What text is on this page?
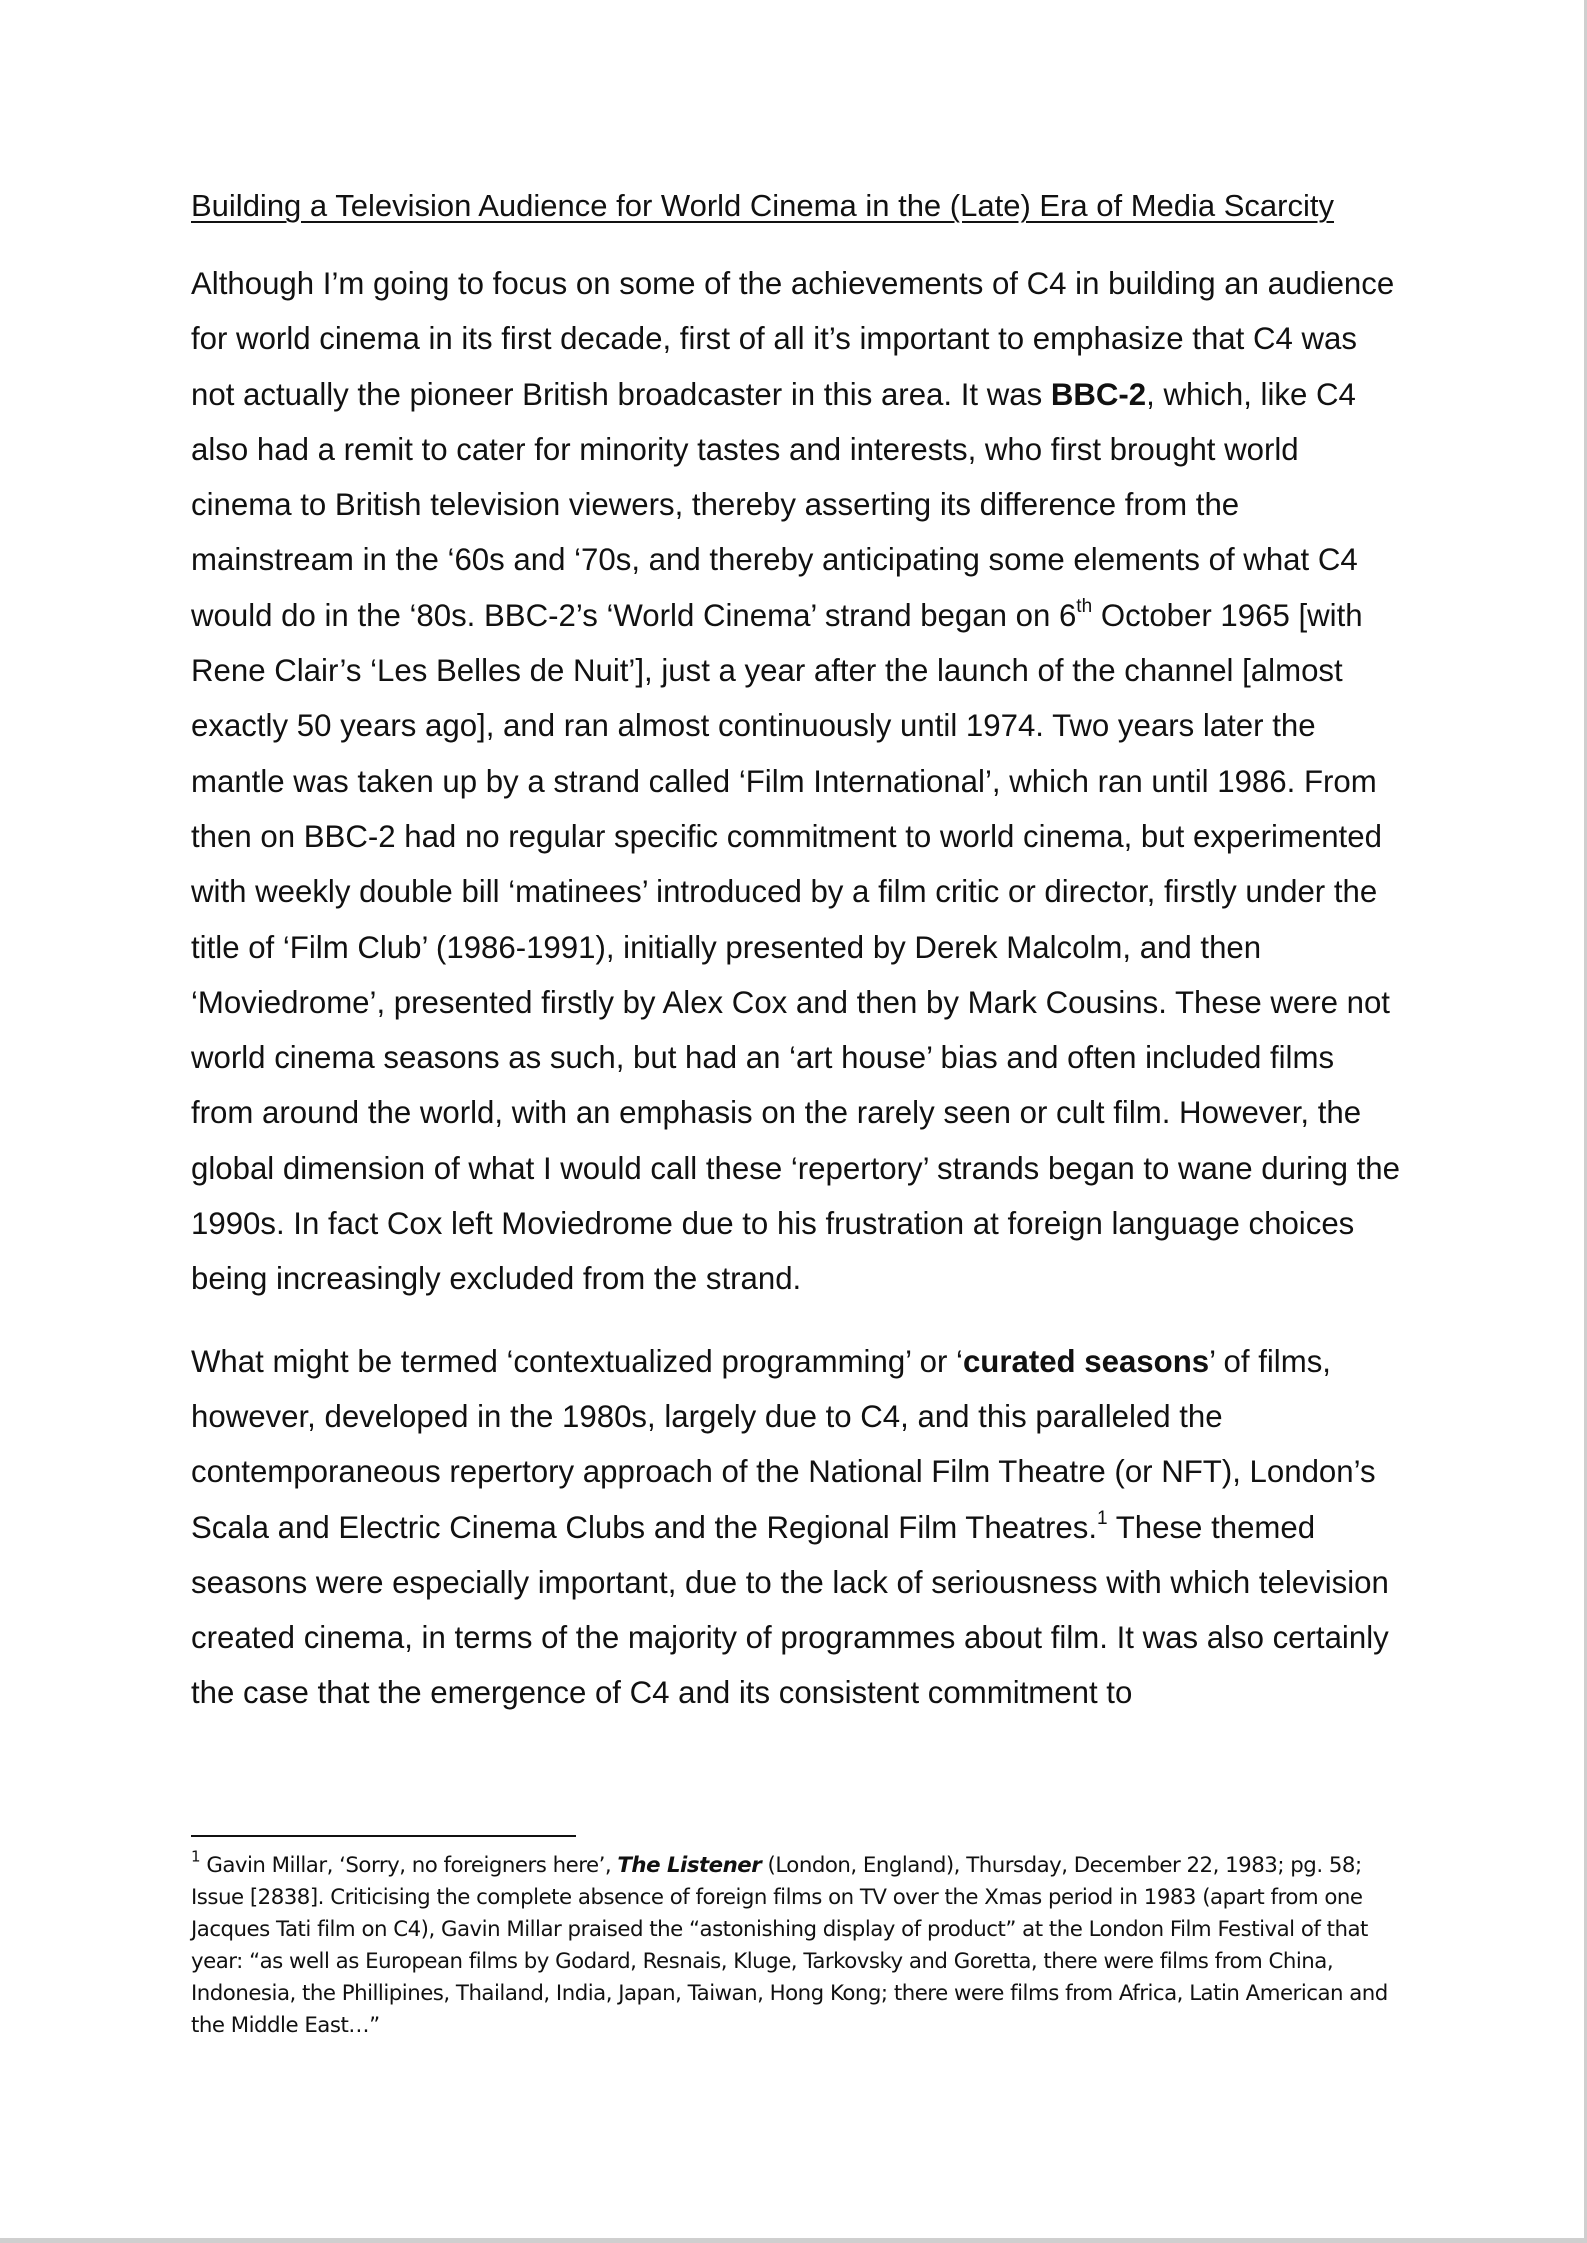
Building a Television Audience for World Cinema in the (Late) Era of Media Scarcity

Although I’m going to focus on some of the achievements of C4 in building an audience for world cinema in its first decade, first of all it’s important to emphasize that C4 was not actually the pioneer British broadcaster in this area. It was BBC-2, which, like C4 also had a remit to cater for minority tastes and interests, who first brought world cinema to British television viewers, thereby asserting its difference from the mainstream in the ‘60s and ‘70s, and thereby anticipating some elements of what C4 would do in the ‘80s. BBC-2’s ‘World Cinema’ strand began on 6th October 1965 [with Rene Clair’s ‘Les Belles de Nuit’], just a year after the launch of the channel [almost exactly 50 years ago], and ran almost continuously until 1974. Two years later the mantle was taken up by a strand called ‘Film International’, which ran until 1986. From then on BBC-2 had no regular specific commitment to world cinema, but experimented with weekly double bill ‘matinees’ introduced by a film critic or director, firstly under the title of ‘Film Club’ (1986-1991), initially presented by Derek Malcolm, and then ‘Moviedrome’, presented firstly by Alex Cox and then by Mark Cousins. These were not world cinema seasons as such, but had an ‘art house’ bias and often included films from around the world, with an emphasis on the rarely seen or cult film. However, the global dimension of what I would call these ‘repertory’ strands began to wane during the 1990s. In fact Cox left Moviedrome due to his frustration at foreign language choices being increasingly excluded from the strand.

What might be termed ‘contextualized programming’ or ‘curated seasons’ of films, however, developed in the 1980s, largely due to C4, and this paralleled the contemporaneous repertory approach of the National Film Theatre (or NFT), London’s Scala and Electric Cinema Clubs and the Regional Film Theatres.$^1$ These themed seasons were especially important, due to the lack of seriousness with which television created cinema, in terms of the majority of programmes about film. It was also certainly the case that the emergence of C4 and its consistent commitment to

$^1$ Gavin Millar, ‘Sorry, no foreigners here’, The Listener (London, England), Thursday, December 22, 1983; pg. 58; Issue [2838]. Criticising the complete absence of foreign films on TV over the Xmas period in 1983 (apart from one Jacques Tati film on C4), Gavin Millar praised the “astonishing display of product” at the London Film Festival of that year: “as well as European films by Godard, Resnais, Kluge, Tarkovsky and Goretta, there were films from China, Indonesia, the Phillipines, Thailand, India, Japan, Taiwan, Hong Kong; there were films from Africa, Latin American and the Middle East…”
